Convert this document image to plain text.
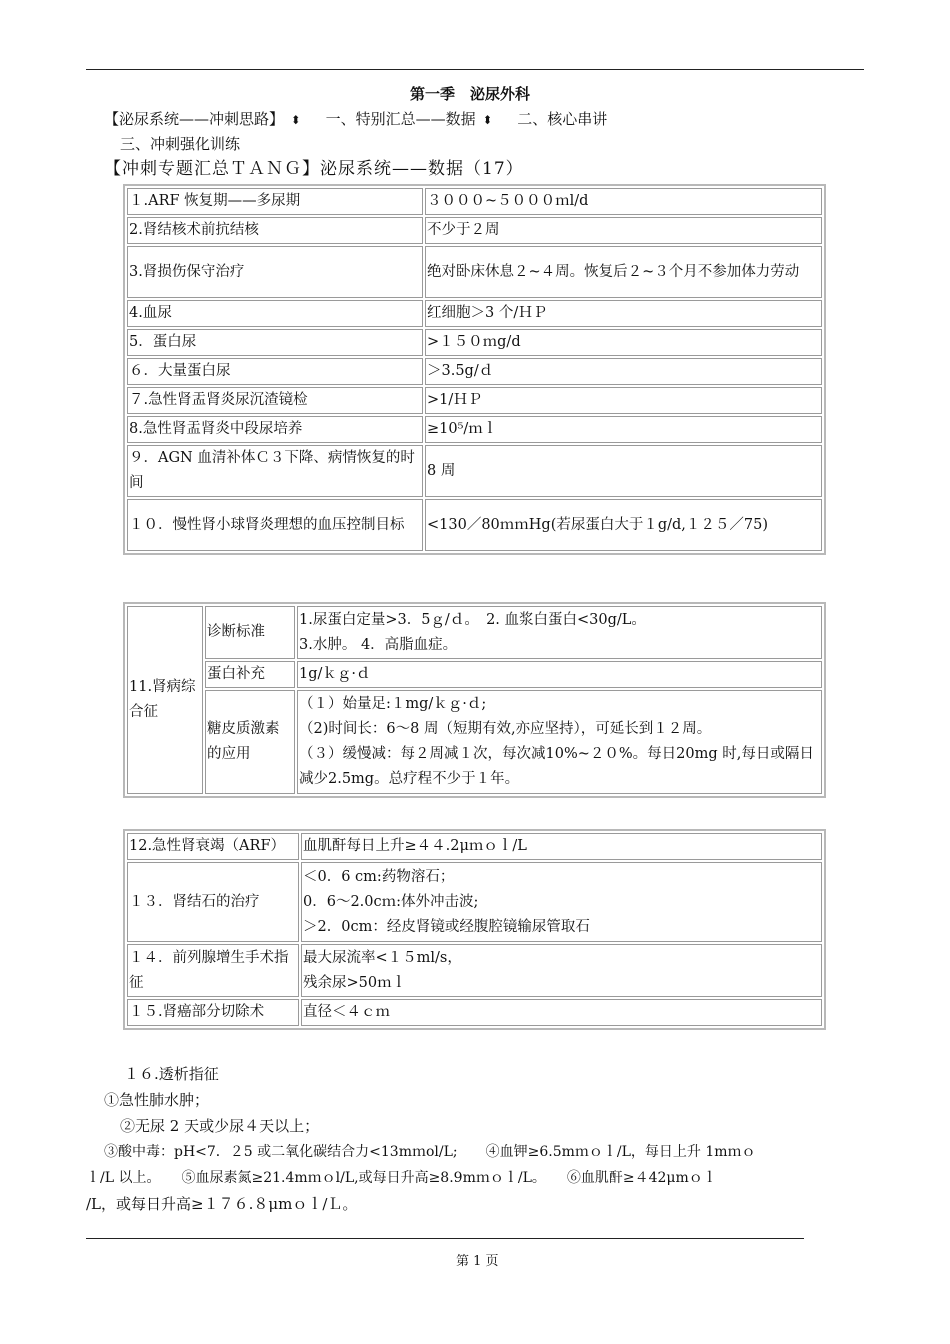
第一季　泌尿外科
【泌尿系统——冲刺思路】 ⬍ 一、特别汇总——数据 ⬍ 二、核心串讲
三、冲刺强化训练
【冲刺专题汇总ＴＡＮＧ】泌尿系统——数据（17）
１.ARF 恢复期——多尿期	３０００~５０００ｍl/d
2.肾结核术前抗结核	不少于２周
3.肾损伤保守治疗	绝对卧床休息２~４周。恢复后２~３个月不参加体力劳动
4.血尿	红细胞＞3 个/ＨＰ
5．蛋白尿	>１５０ｍg/d
６．大量蛋白尿	＞3.5g/ｄ
７.急性肾盂肾炎尿沉渣镜检	>1/ＨＰ
8.急性肾盂肾炎中段尿培养	≥10⁵/ｍｌ
９．AGN 血清补体Ｃ３下降、病情恢复的时间	8 周
１０．慢性肾小球肾炎理想的血压控制目标	<130／80ｍｍHg(若尿蛋白大于１g/d,１２５／75)
11.肾病综合征	诊断标准	1.尿蛋白定量>3．5ｇ/ｄ。　2. 血浆白蛋白<30g/L。
3.水肿。 4．高脂血症。

	蛋白补充	1g/ｋｇ·ｄ
	糖皮质激素的应用	（１）始量足:１mg/ｋｇ·ｄ;
（2)时间长：6～8 周（短期有效,亦应坚持），可延长到１２周。
（３）缓慢减：每２周减１次，每次减10%~２０%。每日20mg 时,每日或隔日减少2.5mg。总疗程不少于１年。
12.急性肾衰竭（ARF）	血肌酐每日上升≥４４.2μｍｏｌ/L
１３．肾结石的治疗	＜0．6 cm:药物溶石；
0．6～2.0cｍ:体外冲击波;
＞2．0cm：经皮肾镜或经腹腔镜输尿管取石

１４．前列腺增生手术指征	最大尿流率<１５ml/s，
残余尿>50ｍｌ

１５.肾癌部分切除术	直径＜４ｃｍ
１６.透析指征
①急性肺水肿；
②无尿 2 天或少尿４天以上；
③酸中毒：pH<7．２5 或二氧化碳结合力<13mｍol/L;　　④血钾≥6.5mｍｏｌ/L，每日上升 1mｍｏ
ｌ/L 以上。　　⑤血尿素氮≥21.4mｍｏl/L,或每日升高≥8.9mｍｏｌ/L。　　⑥血肌酐≥４42μmｏｌ
/L，或每日升高≥１７６.８μmｏｌ/Ｌ。
第 1 页
